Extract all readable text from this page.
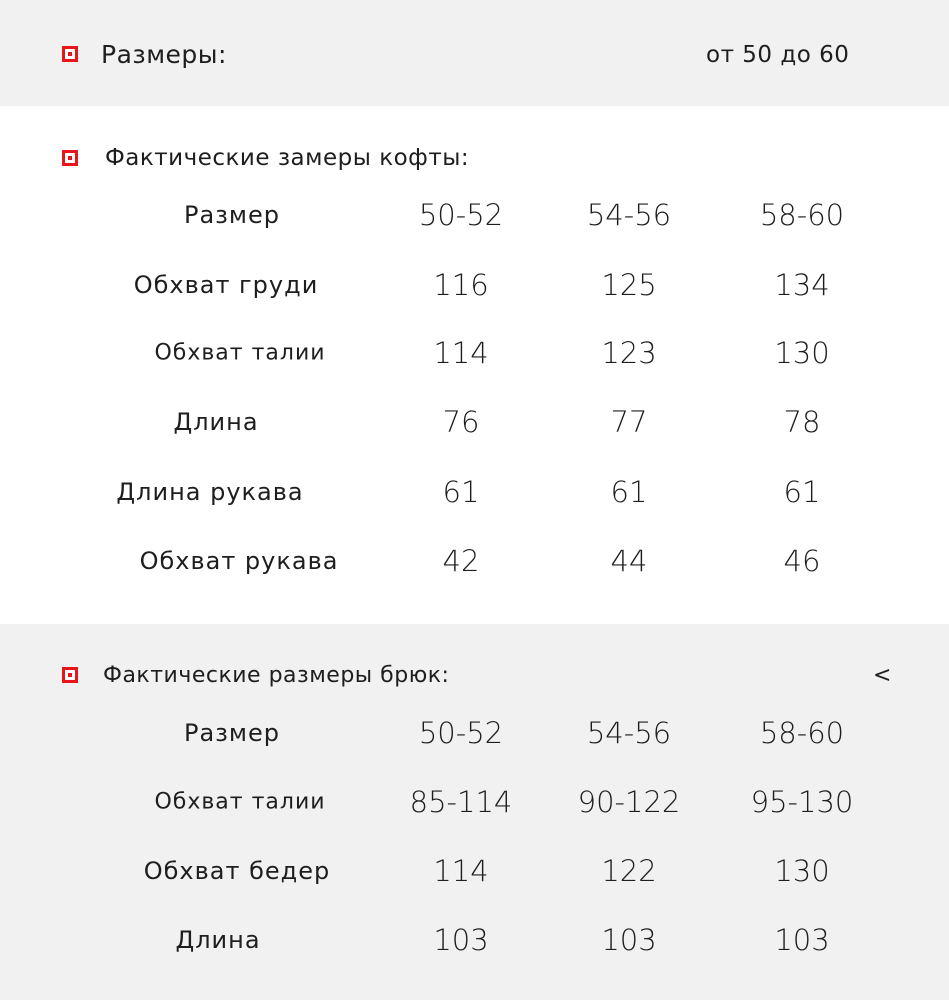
Размеры:	от 50 до 60
Фактические замеры кофты:
Размер	50-52	54-56	58-60
Обхват груди	116	125	134
Обхват талии	114	123	130
Длина	76	77	78
Длина рукава	61	61	61
Обхват рукава	42	44	46
Фактические размеры брюк:	<
Размер	50-52	54-56	58-60
Обхват талии	85-114 90-122 95-130
Обхват бедер	114	122	130
Длина	103	103	103
